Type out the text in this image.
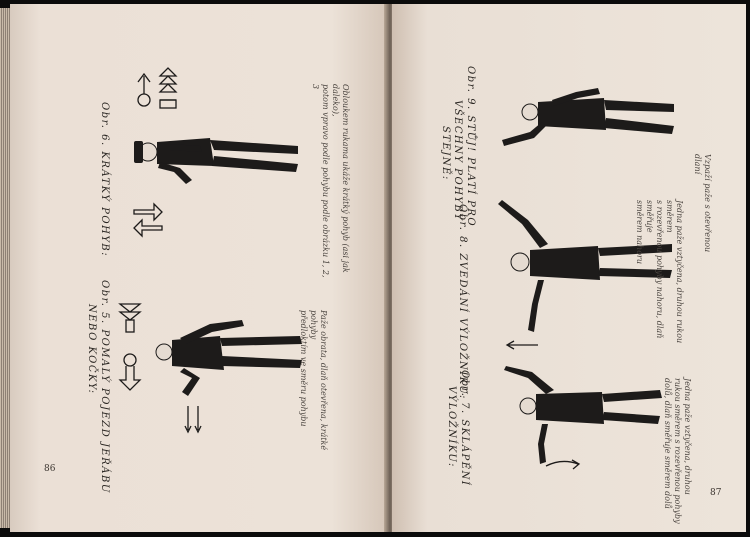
Obr. 6. KRÁTKÝ POHYB:	Obloukem rukama ukáže krátký pohyb (asi jak daleko),
potom vpravo podle pohybu podle obrázku 1, 2, 3
Obr. 5. POMALÝ POJEZD JEŘÁBU
NEBO KOČKY:	Paže obrata, dlaň otevřena, krátké pohyby
předloktím ve směru pohybu
86
Obr. 9. STŮJ! PLATÍ PRO
VŠECHNY POHYBY
STEJNĚ:
Vzpaží paže s otevřenou dlaní
Obr. 8. ZVEDÁNÍ VÝLOŽNÍKU:	Jedna paže vztyčena, druhou rukou směrem
s rozevřenou pohyby nahoru, dlaň směřuje
směrem nahoru
Obr. 7. SKLÁPĚNÍ
VÝLOŽNÍKU:	Jedna paže vztyčena, druhou
rukou směrem s rozevřenou pohyby
dolů, dlaň směřuje směrem dolů	87
